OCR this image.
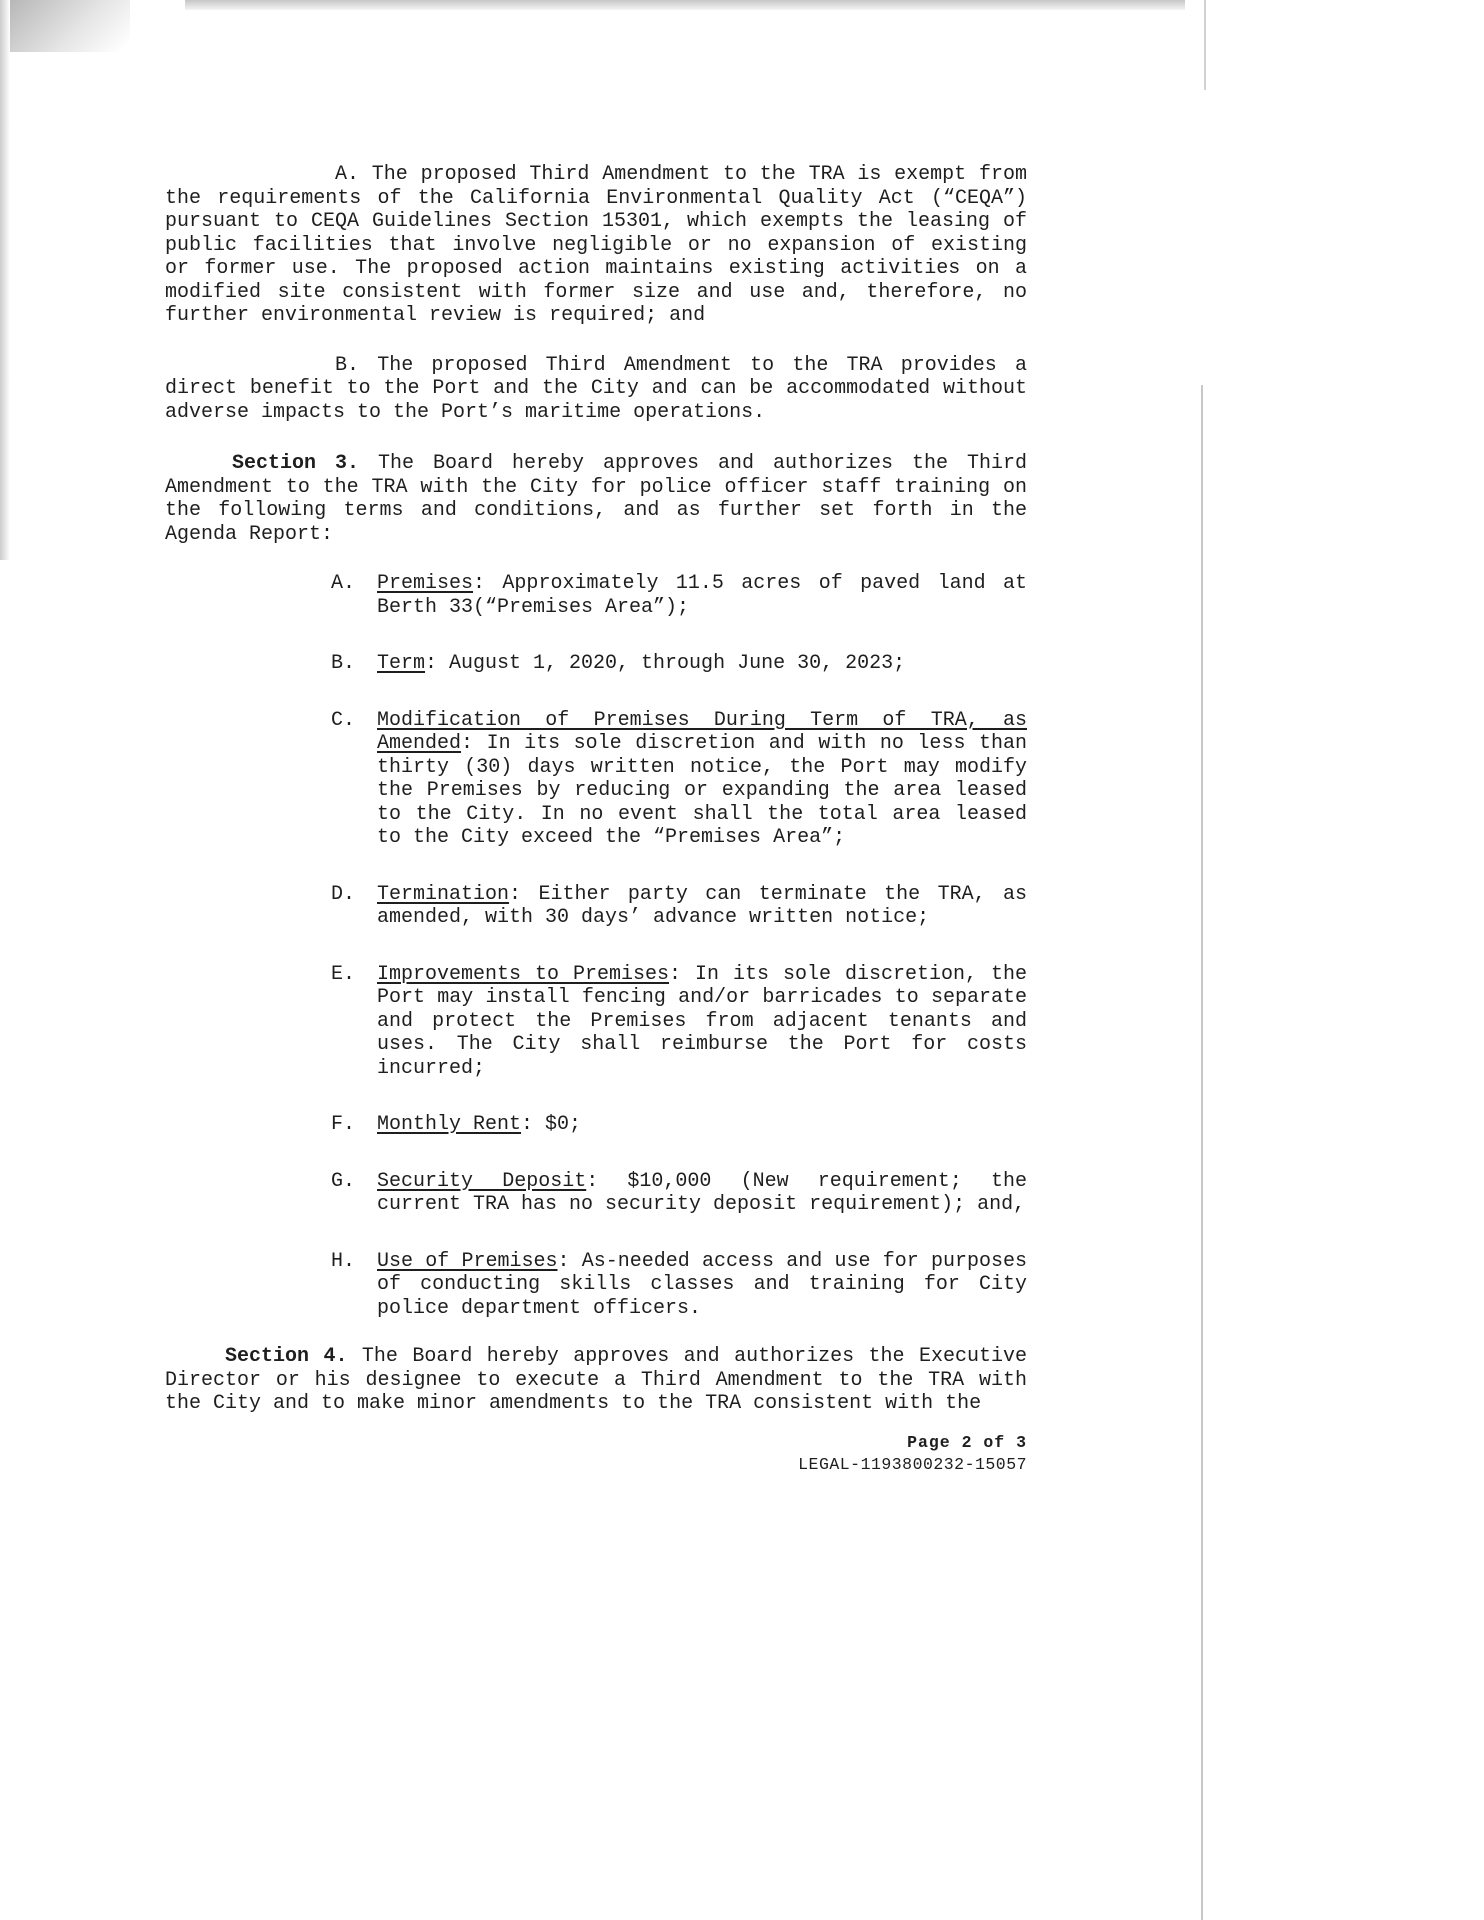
A. The proposed Third Amendment to the TRA is exempt from the requirements of the California Environmental Quality Act (“CEQA”) pursuant to CEQA Guidelines Section 15301, which exempts the leasing of public facilities that involve negligible or no expansion of existing or former use. The proposed action maintains existing activities on a modified site consistent with former size and use and, therefore, no further environmental review is required; and

B. The proposed Third Amendment to the TRA provides a direct benefit to the Port and the City and can be accommodated without adverse impacts to the Port’s maritime operations.

Section 3. The Board hereby approves and authorizes the Third Amendment to the TRA with the City for police officer staff training on the following terms and conditions, and as further set forth in the Agenda Report:

A. Premises: Approximately 11.5 acres of paved land at Berth 33(“Premises Area”);
B. Term: August 1, 2020, through June 30, 2023;
C. Modification of Premises During Term of TRA, as Amended: In its sole discretion and with no less than thirty (30) days written notice, the Port may modify the Premises by reducing or expanding the area leased to the City. In no event shall the total area leased to the City exceed the “Premises Area”;
D. Termination: Either party can terminate the TRA, as amended, with 30 days’ advance written notice;
E. Improvements to Premises: In its sole discretion, the Port may install fencing and/or barricades to separate and protect the Premises from adjacent tenants and uses. The City shall reimburse the Port for costs incurred;
F. Monthly Rent: $0;
G. Security Deposit: $10,000 (New requirement; the current TRA has no security deposit requirement); and,
H. Use of Premises: As-needed access and use for purposes of conducting skills classes and training for City police department officers.

Section 4. The Board hereby approves and authorizes the Executive Director or his designee to execute a Third Amendment to the TRA with the City and to make minor amendments to the TRA consistent with the

Page 2 of 3
LEGAL-1193800232-15057
